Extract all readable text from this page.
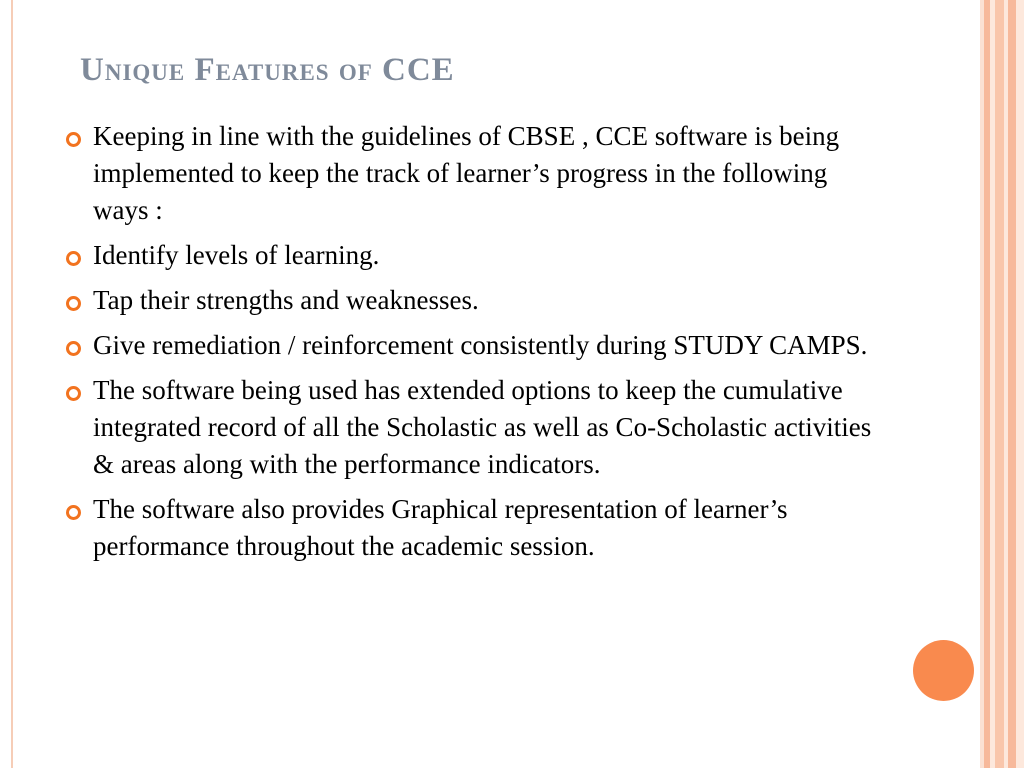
Unique Features of CCE
Keeping in line with the guidelines of CBSE , CCE software is being implemented to keep the track of learner’s progress in the following ways :
Identify levels of learning.
Tap their strengths and weaknesses.
Give remediation / reinforcement consistently during STUDY CAMPS.
The software being used has extended options to keep the cumulative integrated record of all the Scholastic as well as Co-Scholastic activities & areas along with the performance indicators.
The software also provides Graphical representation of learner’s performance throughout the academic session.
